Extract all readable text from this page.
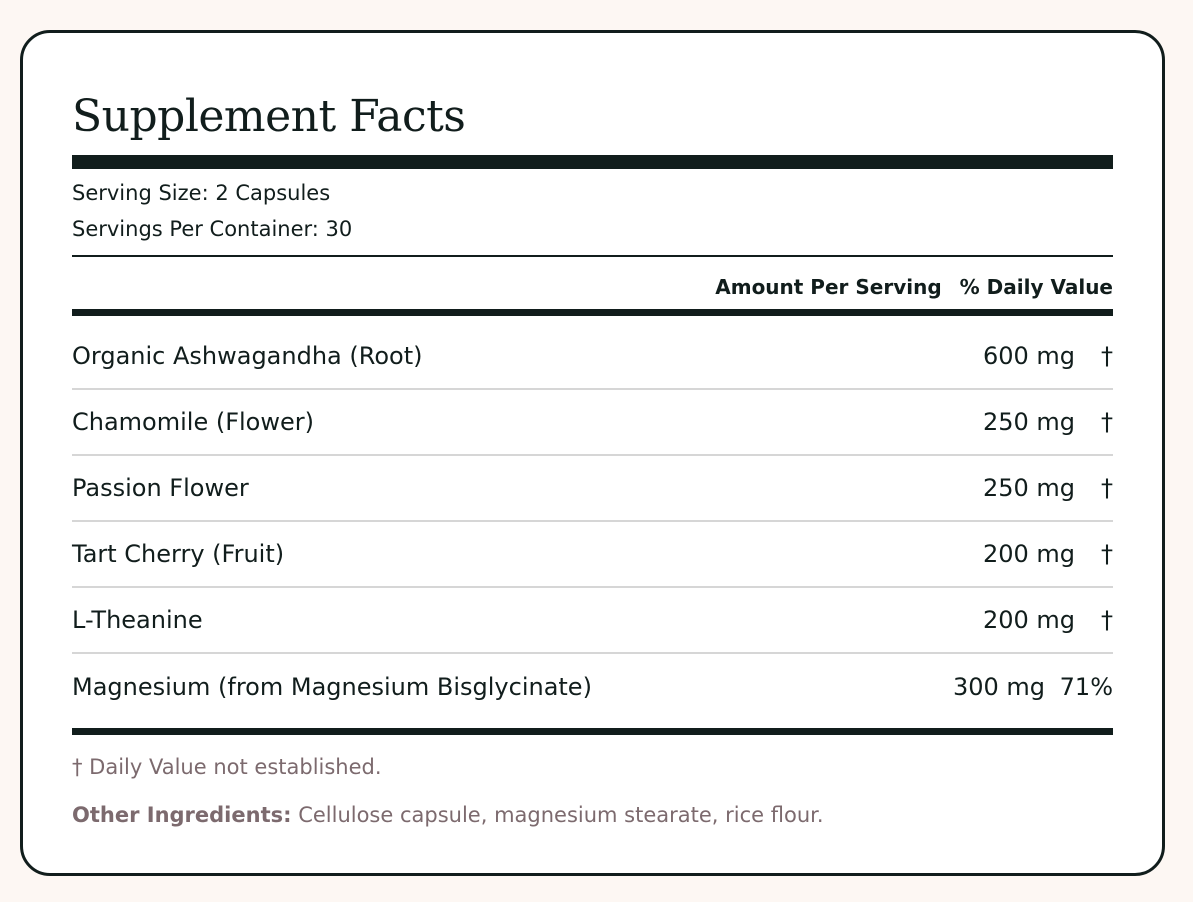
Supplement Facts
Serving Size: 2 Capsules
Servings Per Container: 30
Amount Per Serving % Daily Value
Organic Ashwagandha (Root)	600 mg	†
Chamomile (Flower)	250 mg	†
Passion Flower	250 mg	†
Tart Cherry (Fruit)	200 mg	†
L-Theanine	200 mg	†
Magnesium (from Magnesium Bisglycinate)	300 mg 71%
† Daily Value not established.
Other Ingredients: Cellulose capsule, magnesium stearate, rice flour.
